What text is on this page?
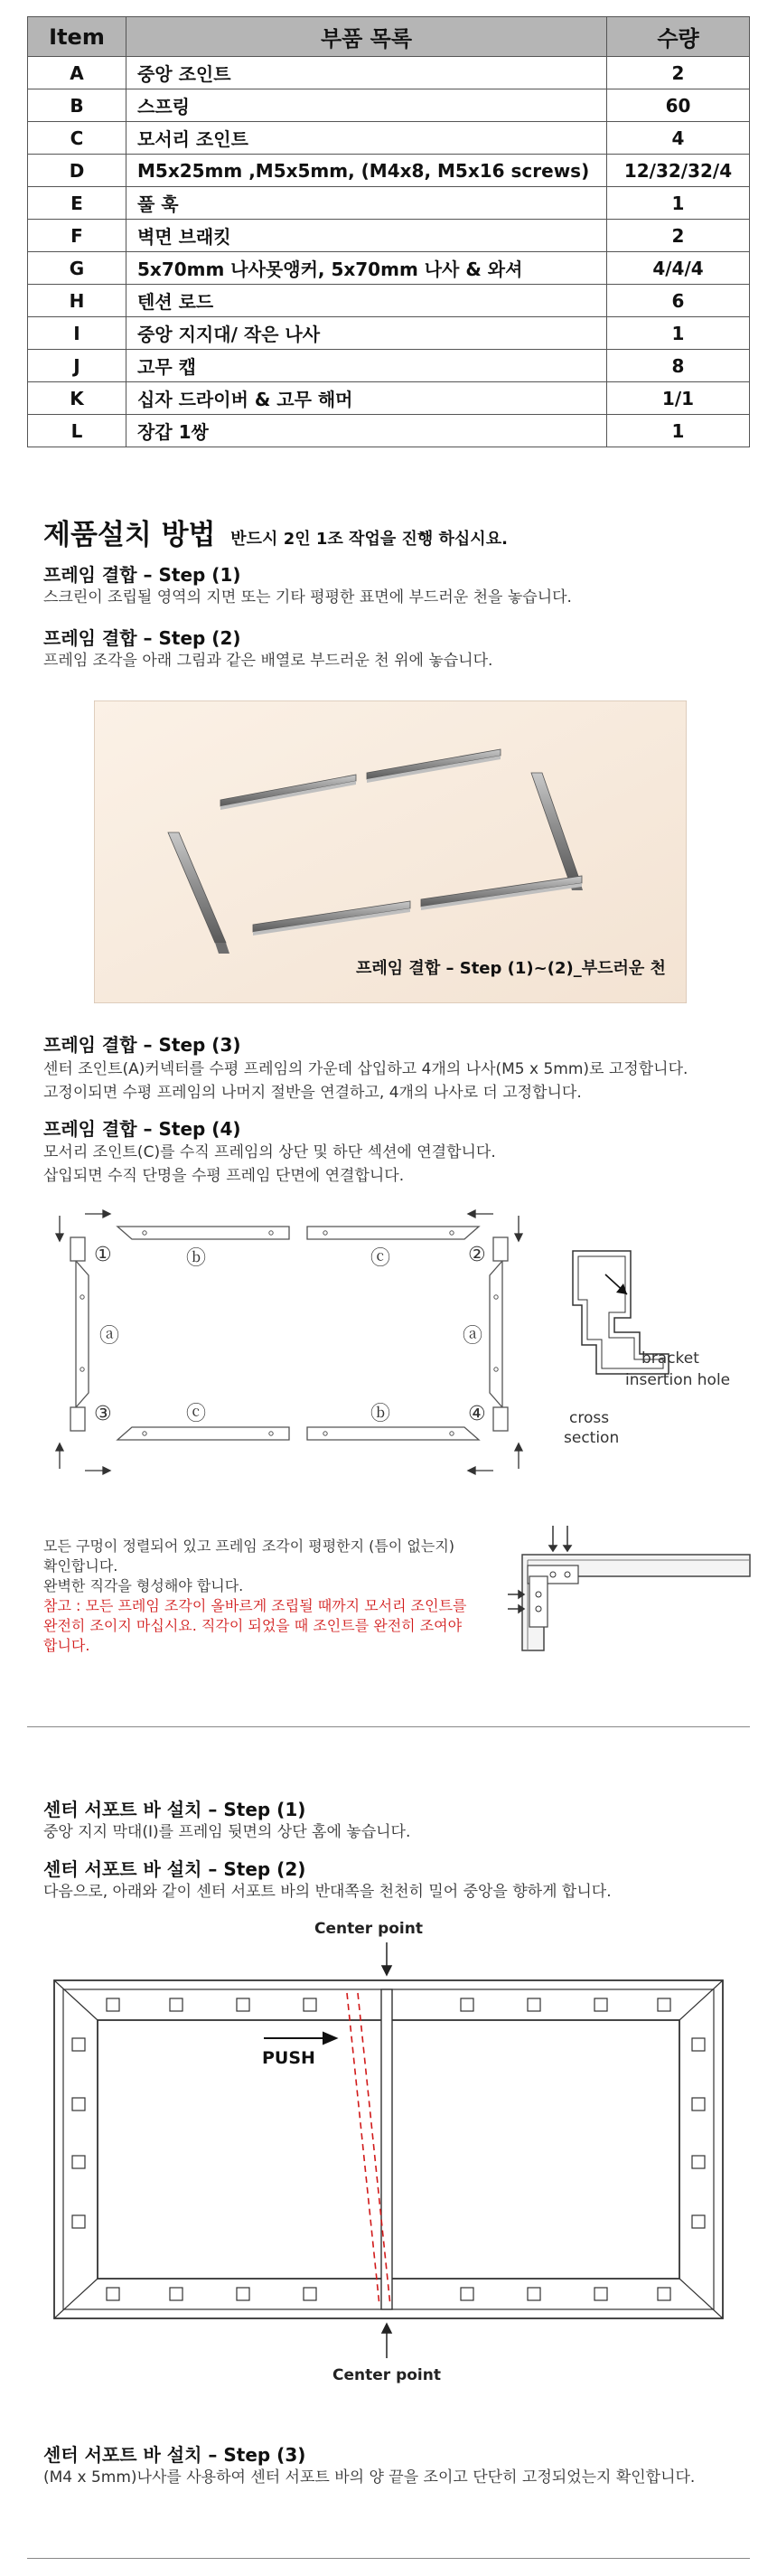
Item	부품 목록	수량
A	중앙 조인트	2
B	스프링	60
C	모서리 조인트	4
D	M5x25mm ,M5x5mm, (M4x8, M5x16 screws)	12/32/32/4
E	풀 훅	1
F	벽면 브래킷	2
G	5x70mm 나사못앵커, 5x70mm 나사 & 와셔	4/4/4
H	텐션 로드	6
I	중앙 지지대/ 작은 나사	1
J	고무 캡	8
K	십자 드라이버 & 고무 해머	1/1
L	장갑 1쌍	1
제품설치 방법 반드시 2인 1조 작업을 진행 하십시요.
프레임 결합 – Step (1)
스크린이 조립될 영역의 지면 또는 기타 평평한 표면에 부드러운 천을 놓습니다.
프레임 결합 – Step (2)
프레임 조각을 아래 그림과 같은 배열로 부드러운 천 위에 놓습니다.
프레임 결합 – Step (1)~(2)_부드러운 천
프레임 결합 – Step (3)
센터 조인트(A)커넥터를 수평 프레임의 가운데 삽입하고 4개의 나사(M5 x 5mm)로 고정합니다.
고정이되면 수평 프레임의 나머지 절반을 연결하고, 4개의 나사로 더 고정합니다.
프레임 결합 – Step (4)
모서리 조인트(C)를 수직 프레임의 상단 및 하단 섹션에 연결합니다.
삽입되면 수직 단명을 수평 프레임 단면에 연결합니다.
①	②
③	④
ⓑ	ⓒ
ⓒ	ⓑ
ⓐ	ⓐ
bracket
insertion hole
cross
section
모든 구멍이 정렬되어 있고 프레임 조각이 평평한지 (틈이 없는지)
확인합니다.
완벽한 직각을 형성해야 합니다.
참고 : 모든 프레임 조각이 올바르게 조립될 때까지 모서리 조인트를
완전히 조이지 마십시요. 직각이 되었을 때 조인트를 완전히 조여야
합니다.
센터 서포트 바 설치 – Step (1)
중앙 지지 막대(I)를 프레임 뒷면의 상단 홈에 놓습니다.
센터 서포트 바 설치 – Step (2)
다음으로, 아래와 같이 센터 서포트 바의 반대쪽을 천천히 밀어 중앙을 향하게 합니다.
Center point
PUSH
Center point
센터 서포트 바 설치 – Step (3)
(M4 x 5mm)나사를 사용하여 센터 서포트 바의 양 끝을 조이고 단단히 고정되었는지 확인합니다.
